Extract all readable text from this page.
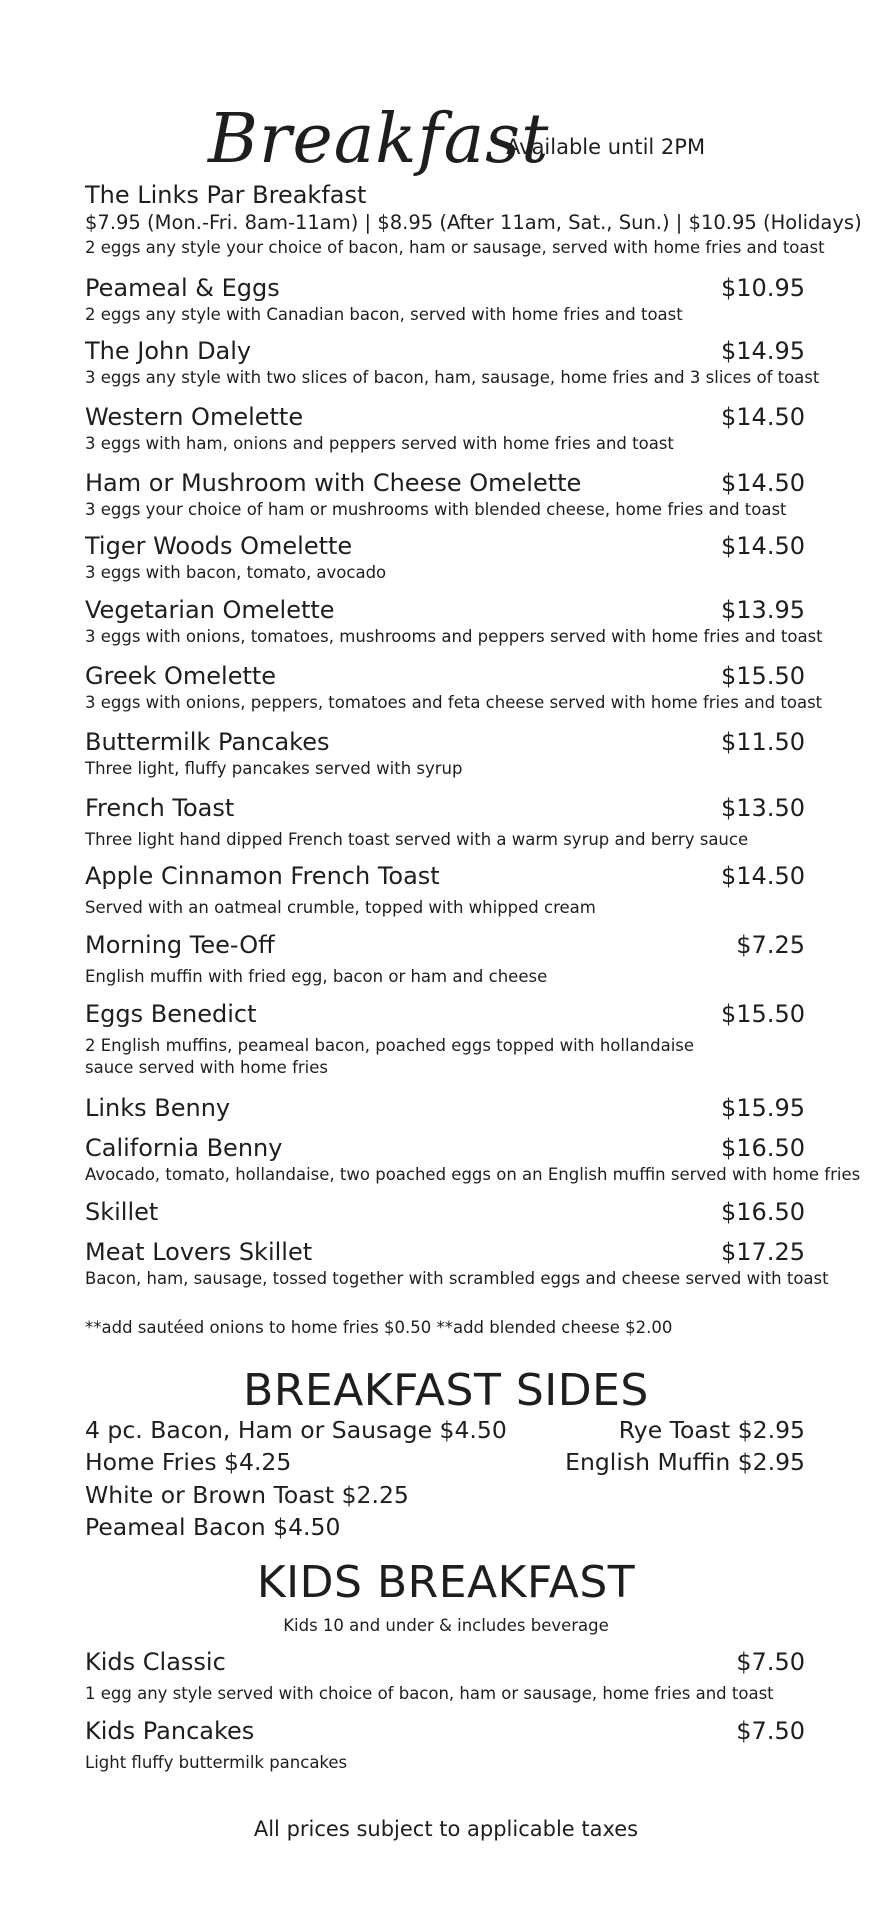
Breakfast
Available until 2PM
The Links Par Breakfast
$7.95 (Mon.-Fri. 8am-11am) | $8.95 (After 11am, Sat., Sun.) | $10.95 (Holidays)
2 eggs any style your choice of bacon, ham or sausage, served with home fries and toast
Peameal & Eggs	$10.95
2 eggs any style with Canadian bacon, served with home fries and toast
The John Daly	$14.95
3 eggs any style with two slices of bacon, ham, sausage, home fries and 3 slices of toast
Western Omelette	$14.50
3 eggs with ham, onions and peppers served with home fries and toast
Ham or Mushroom with Cheese Omelette	$14.50
3 eggs your choice of ham or mushrooms with blended cheese, home fries and toast
Tiger Woods Omelette	$14.50
3 eggs with bacon, tomato, avocado
Vegetarian Omelette	$13.95
3 eggs with onions, tomatoes, mushrooms and peppers served with home fries and toast
Greek Omelette	$15.50
3 eggs with onions, peppers, tomatoes and feta cheese served with home fries and toast
Buttermilk Pancakes	$11.50
Three light, fluffy pancakes served with syrup
French Toast	$13.50
Three light hand dipped French toast served with a warm syrup and berry sauce
Apple Cinnamon French Toast	$14.50
Served with an oatmeal crumble, topped with whipped cream
Morning Tee-Off	$7.25
English muffin with fried egg, bacon or ham and cheese
Eggs Benedict	$15.50
2 English muffins, peameal bacon, poached eggs topped with hollandaise sauce served with home fries
Links Benny	$15.95
California Benny	$16.50
Avocado, tomato, hollandaise, two poached eggs on an English muffin served with home fries
Skillet	$16.50
Meat Lovers Skillet	$17.25
Bacon, ham, sausage, tossed together with scrambled eggs and cheese served with toast
**add sautéed onions to home fries $0.50 **add blended cheese $2.00
BREAKFAST SIDES
4 pc. Bacon, Ham or Sausage $4.50
Home Fries $4.25
White or Brown Toast $2.25
Peameal Bacon $4.50
Rye Toast $2.95
English Muffin $2.95
KIDS BREAKFAST
Kids 10 and under & includes beverage
Kids Classic	$7.50
1 egg any style served with choice of bacon, ham or sausage, home fries and toast
Kids Pancakes	$7.50
Light fluffy buttermilk pancakes
All prices subject to applicable taxes
